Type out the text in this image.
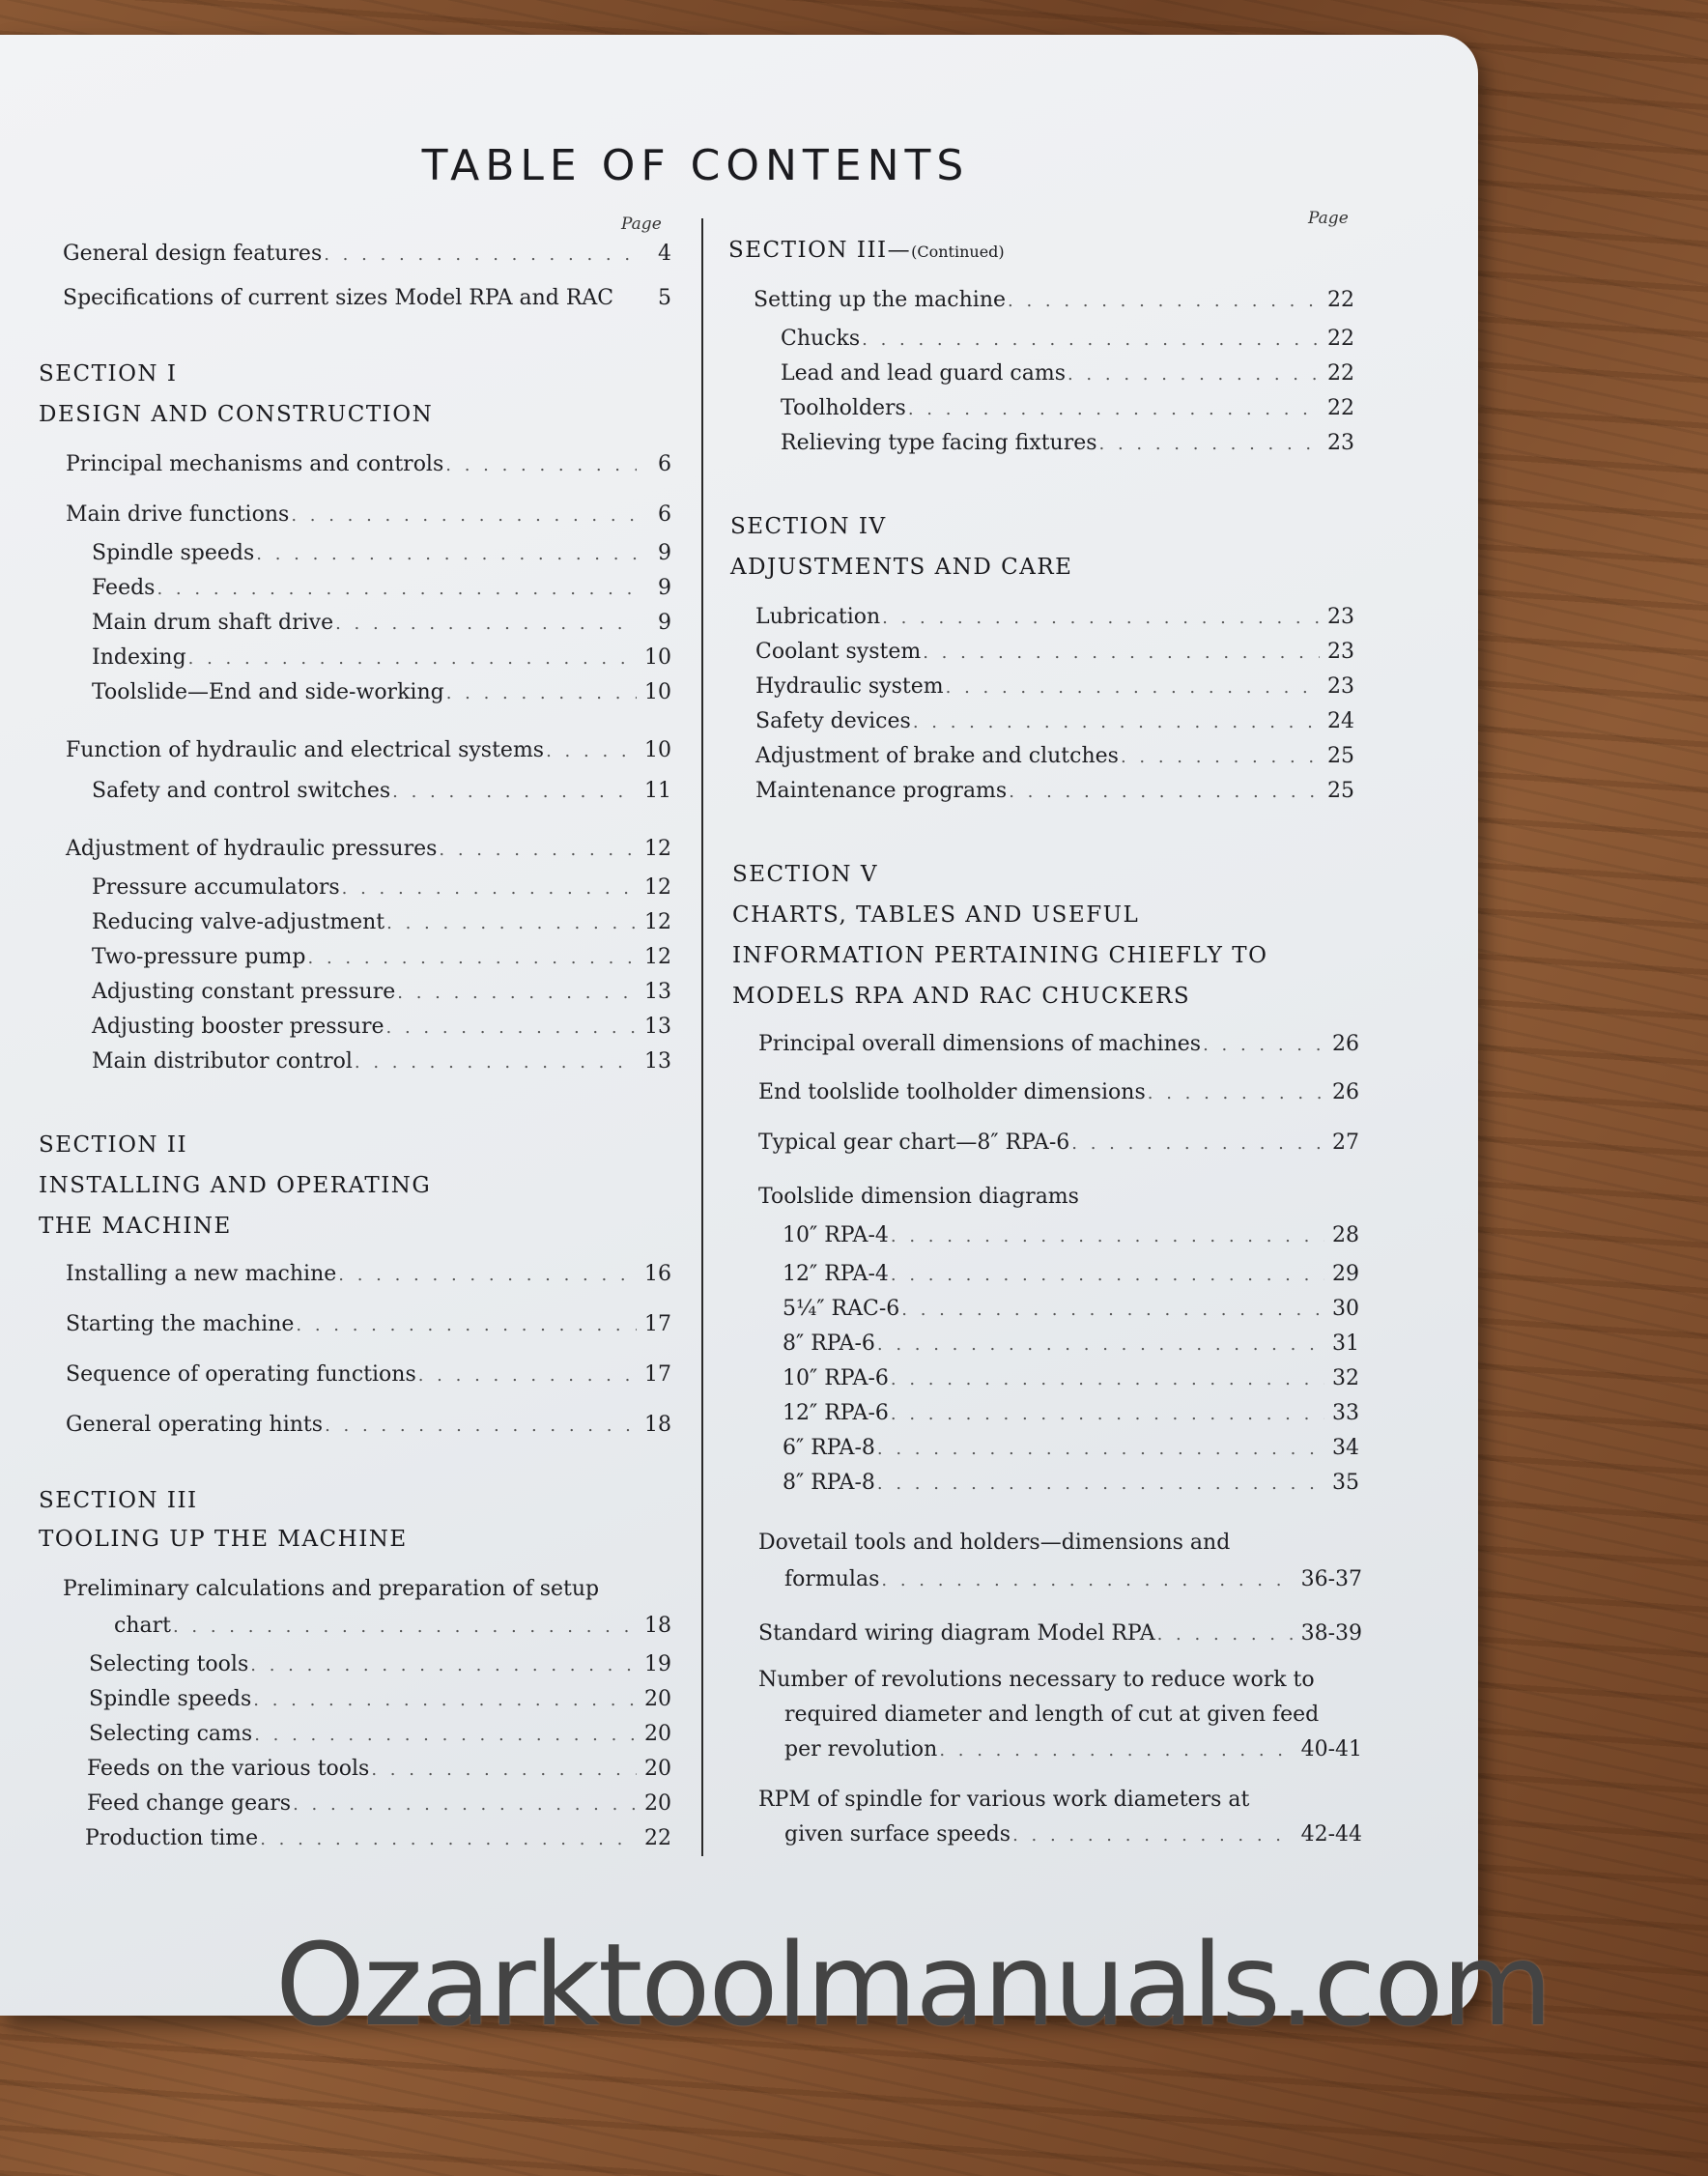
TABLE OF CONTENTS
Page
General design features . . .	4
Specifications of current sizes Model RPA and RAC	5
SECTION I
DESIGN AND CONSTRUCTION
Principal mechanisms and controls . . .	6
Main drive functions . . .	6
Spindle speeds . . .	9
Feeds . . .	9
Main drum shaft drive . . .	9
Indexing . . .	10
Toolslide—End and side-working . . .	10
Function of hydraulic and electrical systems . . .	10
Safety and control switches . . .	11
Adjustment of hydraulic pressures . . .	12
Pressure accumulators . . .	12
Reducing valve-adjustment . . .	12
Two-pressure pump . . .	12
Adjusting constant pressure . . .	13
Adjusting booster pressure . . .	13
Main distributor control . . .	13
SECTION II
INSTALLING AND OPERATING
THE MACHINE
Installing a new machine . . .	16
Starting the machine . . .	17
Sequence of operating functions . . .	17
General operating hints . . .	18
SECTION III
TOOLING UP THE MACHINE
Preliminary calculations and preparation of setup
chart . . .	18
Selecting tools . . .	19
Spindle speeds . . .	20
Selecting cams . . .	20
Feeds on the various tools . . .	20
Feed change gears . . .	20
Production time . . .	22
Page
SECTION III—(Continued)
Setting up the machine . . .	22
Chucks . . .	22
Lead and lead guard cams . . .	22
Toolholders . . .	22
Relieving type facing fixtures . . .	23
SECTION IV
ADJUSTMENTS AND CARE
Lubrication . . .	23
Coolant system . . .	23
Hydraulic system . . .	23
Safety devices . . .	24
Adjustment of brake and clutches . . .	25
Maintenance programs . . .	25
SECTION V
CHARTS, TABLES AND USEFUL
INFORMATION PERTAINING CHIEFLY TO
MODELS RPA AND RAC CHUCKERS
Principal overall dimensions of machines . . .	26
End toolslide toolholder dimensions . . .	26
Typical gear chart—8″ RPA-6 . . .	27
Toolslide dimension diagrams
10″ RPA-4 . . .	28
12″ RPA-4 . . .	29
5¼″ RAC-6 . . .	30
8″ RPA-6 . . .	31
10″ RPA-6 . . .	32
12″ RPA-6 . . .	33
6″ RPA-8 . . .	34
8″ RPA-8 . . .	35
Dovetail tools and holders—dimensions and
formulas . . .	36-37
Standard wiring diagram Model RPA . . .	38-39
Number of revolutions necessary to reduce work to
required diameter and length of cut at given feed
per revolution . . .	40-41
RPM of spindle for various work diameters at
given surface speeds . . .	42-44
Ozarktoolmanuals.com
